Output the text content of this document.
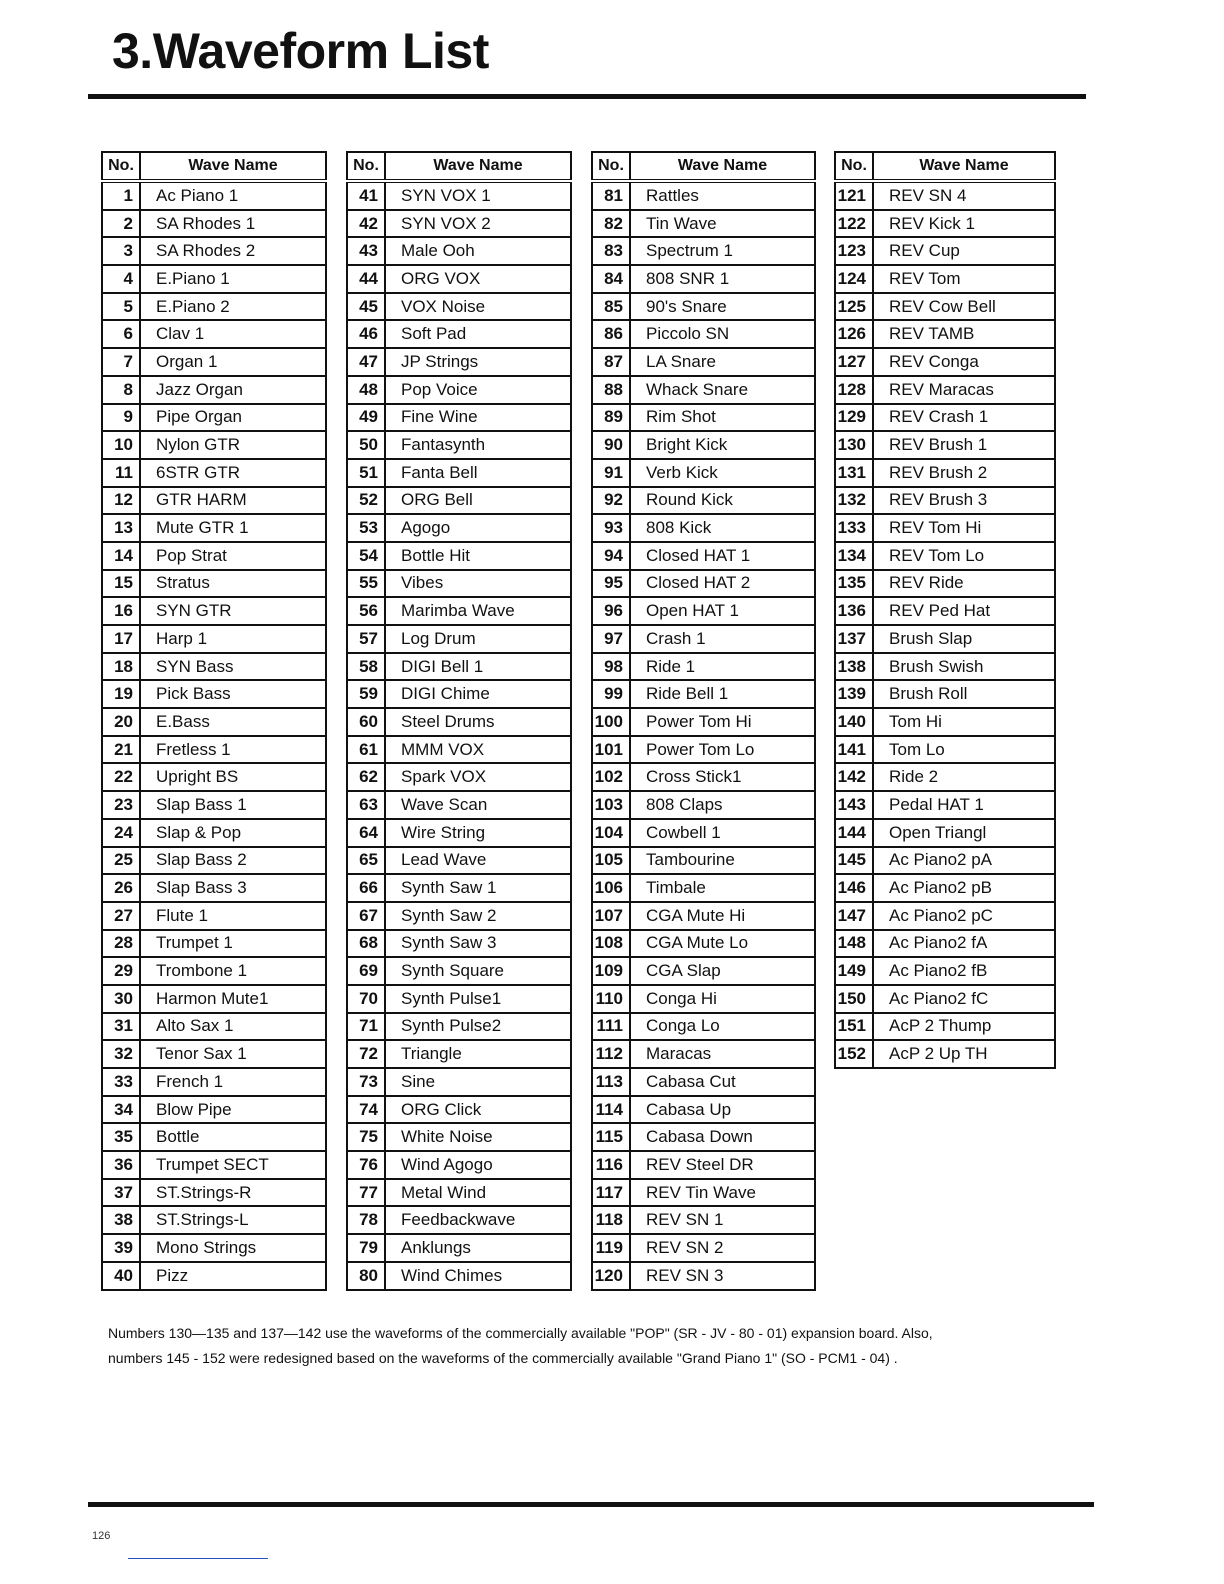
3.Waveform List
No.	Wave Name
1	Ac Piano 1
2	SA Rhodes 1
3	SA Rhodes 2
4	E.Piano 1
5	E.Piano 2
6	Clav 1
7	Organ 1
8	Jazz Organ
9	Pipe Organ
10	Nylon GTR
11	6STR GTR
12	GTR HARM
13	Mute GTR 1
14	Pop Strat
15	Stratus
16	SYN GTR
17	Harp 1
18	SYN Bass
19	Pick Bass
20	E.Bass
21	Fretless 1
22	Upright BS
23	Slap Bass 1
24	Slap & Pop
25	Slap Bass 2
26	Slap Bass 3
27	Flute 1
28	Trumpet 1
29	Trombone 1
30	Harmon Mute1
31	Alto Sax 1
32	Tenor Sax 1
33	French 1
34	Blow Pipe
35	Bottle
36	Trumpet SECT
37	ST.Strings-R
38	ST.Strings-L
39	Mono Strings
40	Pizz
No.	Wave Name
41	SYN VOX 1
42	SYN VOX 2
43	Male Ooh
44	ORG VOX
45	VOX Noise
46	Soft Pad
47	JP Strings
48	Pop Voice
49	Fine Wine
50	Fantasynth
51	Fanta Bell
52	ORG Bell
53	Agogo
54	Bottle Hit
55	Vibes
56	Marimba Wave
57	Log Drum
58	DIGI Bell 1
59	DIGI Chime
60	Steel Drums
61	MMM VOX
62	Spark VOX
63	Wave Scan
64	Wire String
65	Lead Wave
66	Synth Saw 1
67	Synth Saw 2
68	Synth Saw 3
69	Synth Square
70	Synth Pulse1
71	Synth Pulse2
72	Triangle
73	Sine
74	ORG Click
75	White Noise
76	Wind Agogo
77	Metal Wind
78	Feedbackwave
79	Anklungs
80	Wind Chimes
No.	Wave Name
81	Rattles
82	Tin Wave
83	Spectrum 1
84	808 SNR 1
85	90's Snare
86	Piccolo SN
87	LA Snare
88	Whack Snare
89	Rim Shot
90	Bright Kick
91	Verb Kick
92	Round Kick
93	808 Kick
94	Closed HAT 1
95	Closed HAT 2
96	Open HAT 1
97	Crash 1
98	Ride 1
99	Ride Bell 1
100	Power Tom Hi
101	Power Tom Lo
102	Cross Stick1
103	808 Claps
104	Cowbell 1
105	Tambourine
106	Timbale
107	CGA Mute Hi
108	CGA Mute Lo
109	CGA Slap
110	Conga Hi
111	Conga Lo
112	Maracas
113	Cabasa Cut
114	Cabasa Up
115	Cabasa Down
116	REV Steel DR
117	REV Tin Wave
118	REV SN 1
119	REV SN 2
120	REV SN 3
No.	Wave Name
121	REV SN 4
122	REV Kick 1
123	REV Cup
124	REV Tom
125	REV Cow Bell
126	REV TAMB
127	REV Conga
128	REV Maracas
129	REV Crash 1
130	REV Brush 1
131	REV Brush 2
132	REV Brush 3
133	REV Tom Hi
134	REV Tom Lo
135	REV Ride
136	REV Ped Hat
137	Brush Slap
138	Brush Swish
139	Brush Roll
140	Tom Hi
141	Tom Lo
142	Ride 2
143	Pedal HAT 1
144	Open Triangl
145	Ac Piano2 pA
146	Ac Piano2 pB
147	Ac Piano2 pC
148	Ac Piano2 fA
149	Ac Piano2 fB
150	Ac Piano2 fC
151	AcP 2 Thump
152	AcP 2 Up TH

Numbers 130—135 and 137—142 use the waveforms of the commercially available "POP" (SR - JV - 80 - 01) expansion board. Also,

numbers 145 - 152 were redesigned based on the waveforms of the commercially available "Grand Piano 1" (SO - PCM1 - 04) .

126
